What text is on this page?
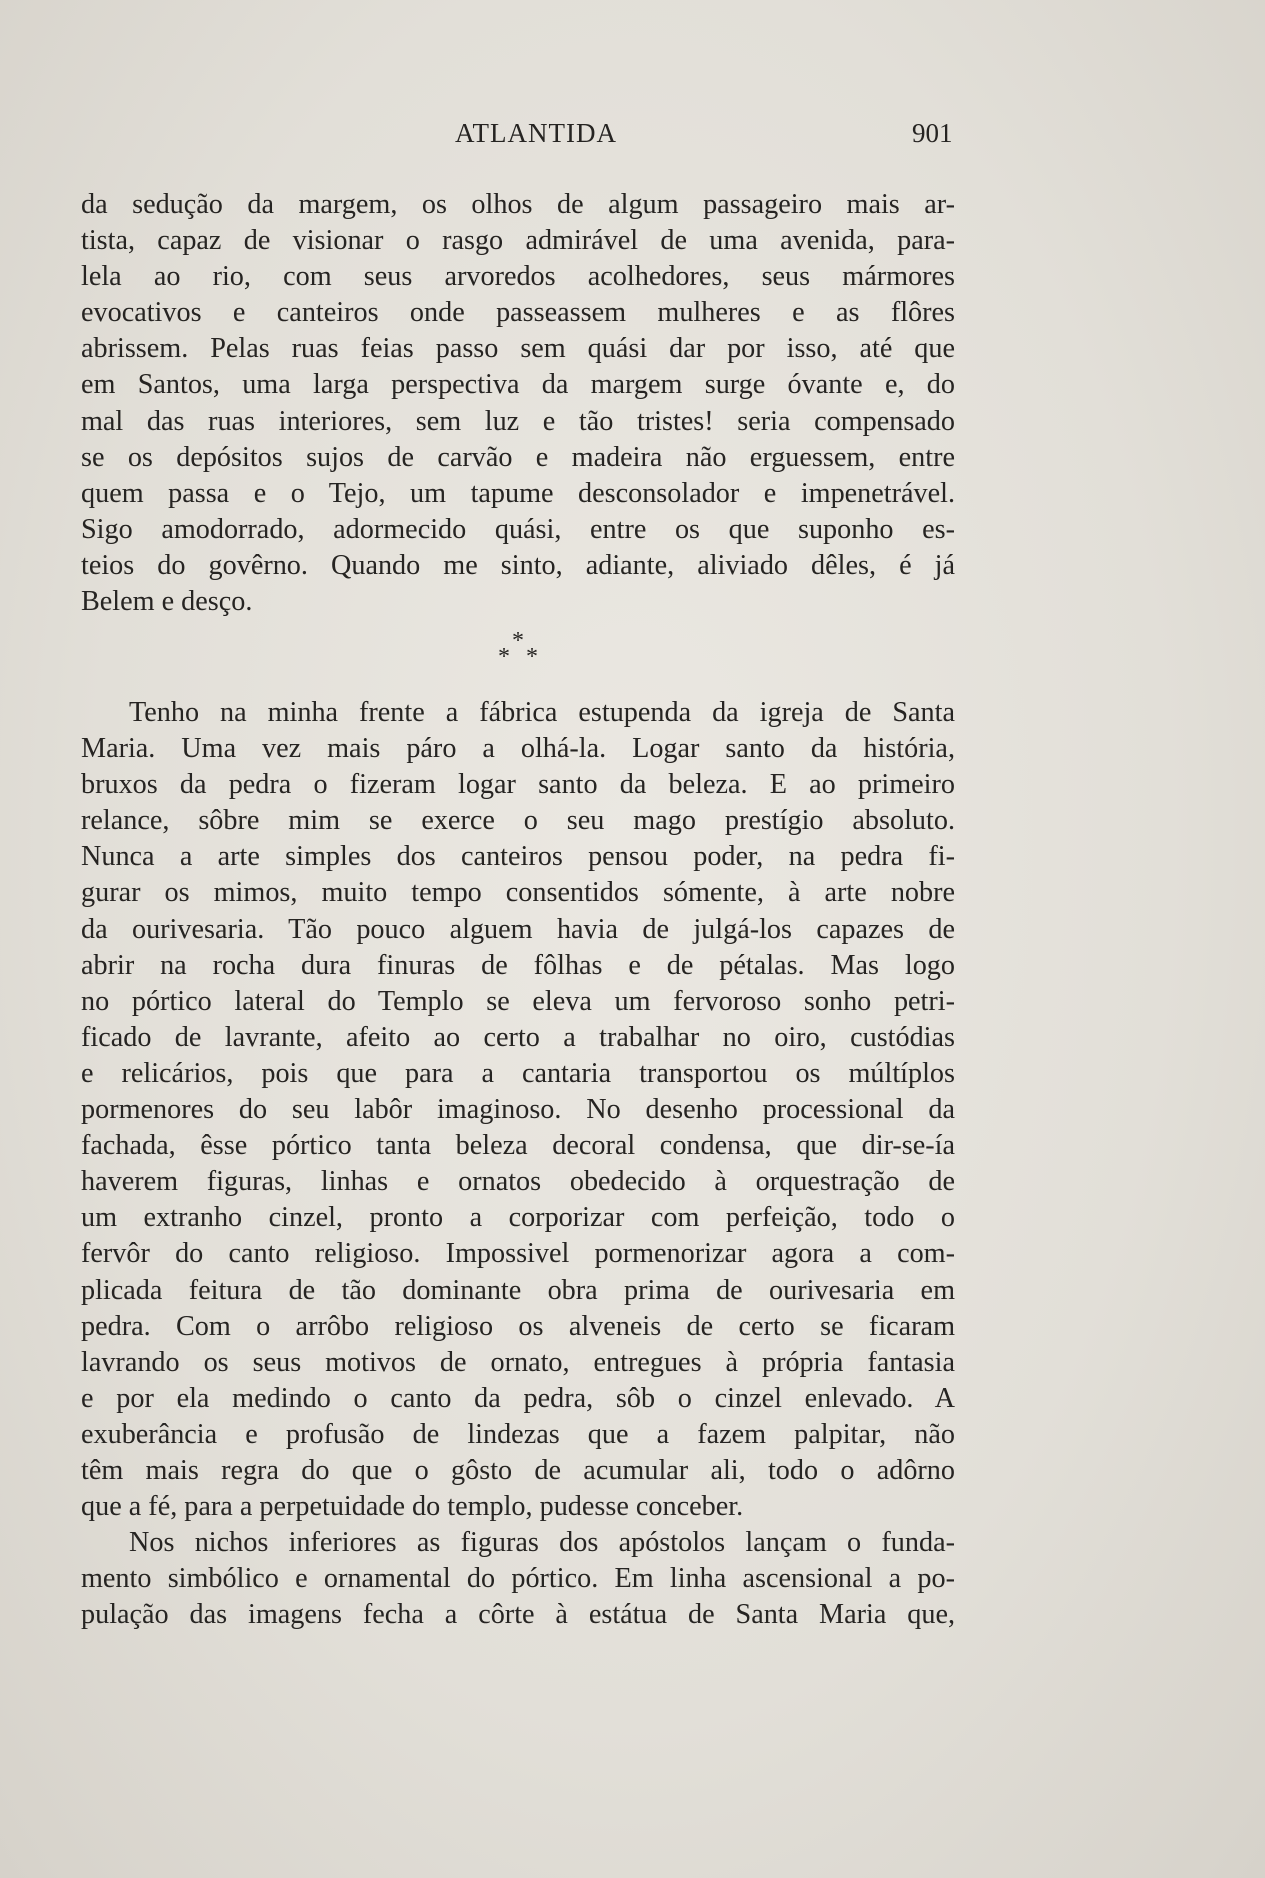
ATLANTIDA	901
da sedução da margem, os olhos de algum passageiro mais ar-
tista, capaz de visionar o rasgo admirável de uma avenida, para-
lela ao rio, com seus arvoredos acolhedores, seus mármores
evocativos e canteiros onde passeassem mulheres e as flôres
abrissem. Pelas ruas feias passo sem quási dar por isso, até que
em Santos, uma larga perspectiva da margem surge óvante e, do
mal das ruas interiores, sem luz e tão tristes! seria compensado
se os depósitos sujos de carvão e madeira não erguessem, entre
quem passa e o Tejo, um tapume desconsolador e impenetrável.
Sigo amodorrado, adormecido quási, entre os que suponho es-
teios do govêrno. Quando me sinto, adiante, aliviado dêles, é já
Belem e desço.
*
* *
Tenho na minha frente a fábrica estupenda da igreja de Santa
Maria. Uma vez mais páro a olhá-la. Logar santo da história,
bruxos da pedra o fizeram logar santo da beleza. E ao primeiro
relance, sôbre mim se exerce o seu mago prestígio absoluto.
Nunca a arte simples dos canteiros pensou poder, na pedra fi-
gurar os mimos, muito tempo consentidos sómente, à arte nobre
da ourivesaria. Tão pouco alguem havia de julgá-los capazes de
abrir na rocha dura finuras de fôlhas e de pétalas. Mas logo
no pórtico lateral do Templo se eleva um fervoroso sonho petri-
ficado de lavrante, afeito ao certo a trabalhar no oiro, custódias
e relicários, pois que para a cantaria transportou os múltíplos
pormenores do seu labôr imaginoso. No desenho processional da
fachada, êsse pórtico tanta beleza decoral condensa, que dir-se-ía
haverem figuras, linhas e ornatos obedecido à orquestração de
um extranho cinzel, pronto a corporizar com perfeição, todo o
fervôr do canto religioso. Impossivel pormenorizar agora a com-
plicada feitura de tão dominante obra prima de ourivesaria em
pedra. Com o arrôbo religioso os alveneis de certo se ficaram
lavrando os seus motivos de ornato, entregues à própria fantasia
e por ela medindo o canto da pedra, sôb o cinzel enlevado. A
exuberância e profusão de lindezas que a fazem palpitar, não
têm mais regra do que o gôsto de acumular ali, todo o adôrno
que a fé, para a perpetuidade do templo, pudesse conceber.
Nos nichos inferiores as figuras dos apóstolos lançam o funda-
mento simbólico e ornamental do pórtico. Em linha ascensional a po-
pulação das imagens fecha a côrte à estátua de Santa Maria que,
